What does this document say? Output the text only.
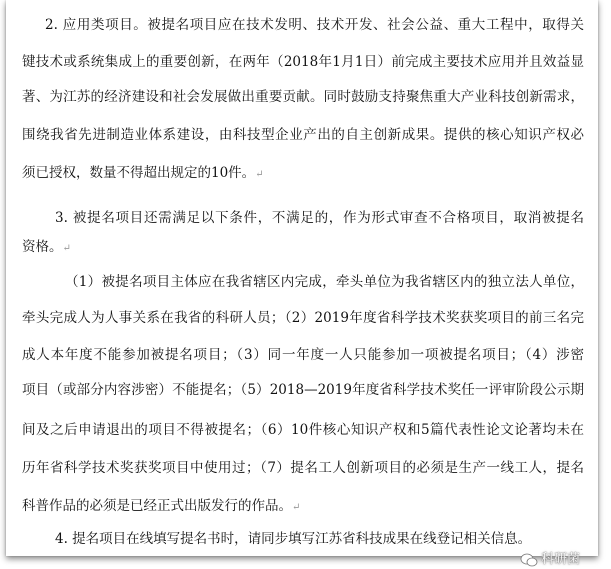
2. 应用类项目。被提名项目应在技术发明、技术开发、社会公益、重大工程中，取得关
键技术或系统集成上的重要创新，在两年（2018年1月1日）前完成主要技术应用并且效益显
著、为江苏的经济建设和社会发展做出重要贡献。同时鼓励支持聚焦重大产业科技创新需求，
围绕我省先进制造业体系建设，由科技型企业产出的自主创新成果。提供的核心知识产权必
须已授权，数量不得超出规定的10件。↵
3. 被提名项目还需满足以下条件，不满足的，作为形式审查不合格项目，取消被提名
资格。↵
（1）被提名项目主体应在我省辖区内完成，牵头单位为我省辖区内的独立法人单位，
牵头完成人为人事关系在我省的科研人员；（2）2019年度省科学技术奖获奖项目的前三名完
成人本年度不能参加被提名项目；（3）同一年度一人只能参加一项被提名项目；（4）涉密
项目（或部分内容涉密）不能提名；（5）2018—2019年度省科学技术奖任一评审阶段公示期
间及之后申请退出的项目不得被提名；（6）10件核心知识产权和5篇代表性论文论著均未在
历年省科学技术奖获奖项目中使用过；（7）提名工人创新项目的必须是生产一线工人，提名
科普作品的必须是已经正式出版发行的作品。↵
4. 提名项目在线填写提名书时，请同步填写江苏省科技成果在线登记相关信息。
科研菌
